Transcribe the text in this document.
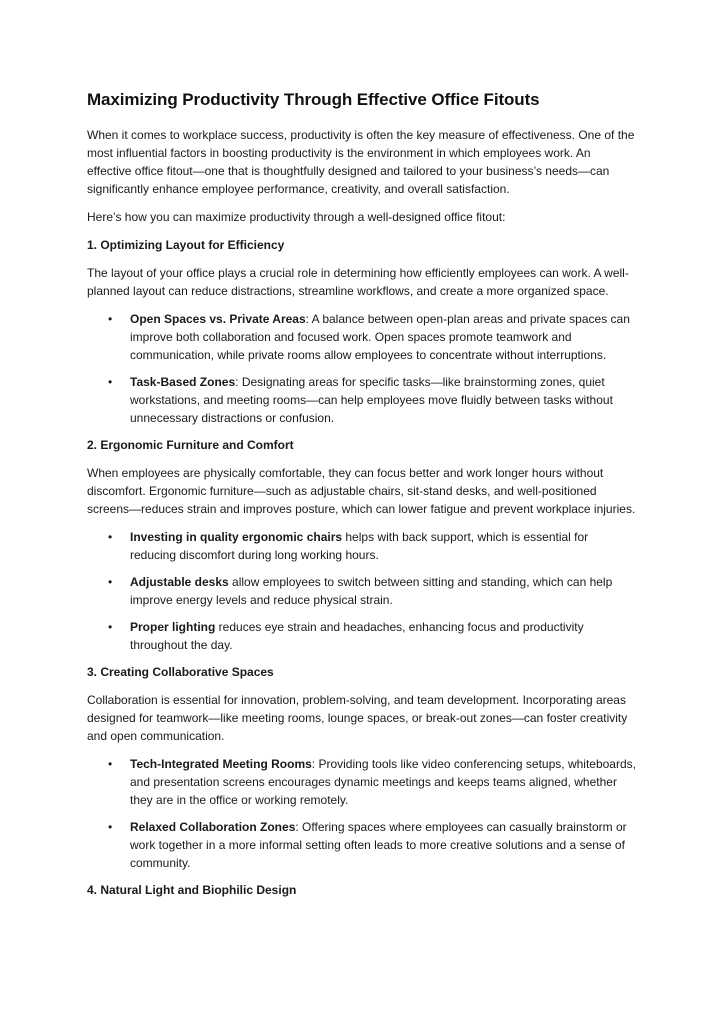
Maximizing Productivity Through Effective Office Fitouts

When it comes to workplace success, productivity is often the key measure of effectiveness. One of the most influential factors in boosting productivity is the environment in which employees work. An effective office fitout—one that is thoughtfully designed and tailored to your business’s needs—can significantly enhance employee performance, creativity, and overall satisfaction.

Here’s how you can maximize productivity through a well-designed office fitout:

1. Optimizing Layout for Efficiency

The layout of your office plays a crucial role in determining how efficiently employees can work. A well-planned layout can reduce distractions, streamline workflows, and create a more organized space.

•	Open Spaces vs. Private Areas: A balance between open-plan areas and private spaces can improve both collaboration and focused work. Open spaces promote teamwork and communication, while private rooms allow employees to concentrate without interruptions.
•	Task-Based Zones: Designating areas for specific tasks—like brainstorming zones, quiet workstations, and meeting rooms—can help employees move fluidly between tasks without unnecessary distractions or confusion.
2. Ergonomic Furniture and Comfort

When employees are physically comfortable, they can focus better and work longer hours without discomfort. Ergonomic furniture—such as adjustable chairs, sit-stand desks, and well-positioned screens—reduces strain and improves posture, which can lower fatigue and prevent workplace injuries.

•	Investing in quality ergonomic chairs helps with back support, which is essential for reducing discomfort during long working hours.
•	Adjustable desks allow employees to switch between sitting and standing, which can help improve energy levels and reduce physical strain.
•	Proper lighting reduces eye strain and headaches, enhancing focus and productivity throughout the day.
3. Creating Collaborative Spaces

Collaboration is essential for innovation, problem-solving, and team development. Incorporating areas designed for teamwork—like meeting rooms, lounge spaces, or break-out zones—can foster creativity and open communication.

•	Tech-Integrated Meeting Rooms: Providing tools like video conferencing setups, whiteboards, and presentation screens encourages dynamic meetings and keeps teams aligned, whether they are in the office or working remotely.
•	Relaxed Collaboration Zones: Offering spaces where employees can casually brainstorm or work together in a more informal setting often leads to more creative solutions and a sense of community.
4. Natural Light and Biophilic Design
